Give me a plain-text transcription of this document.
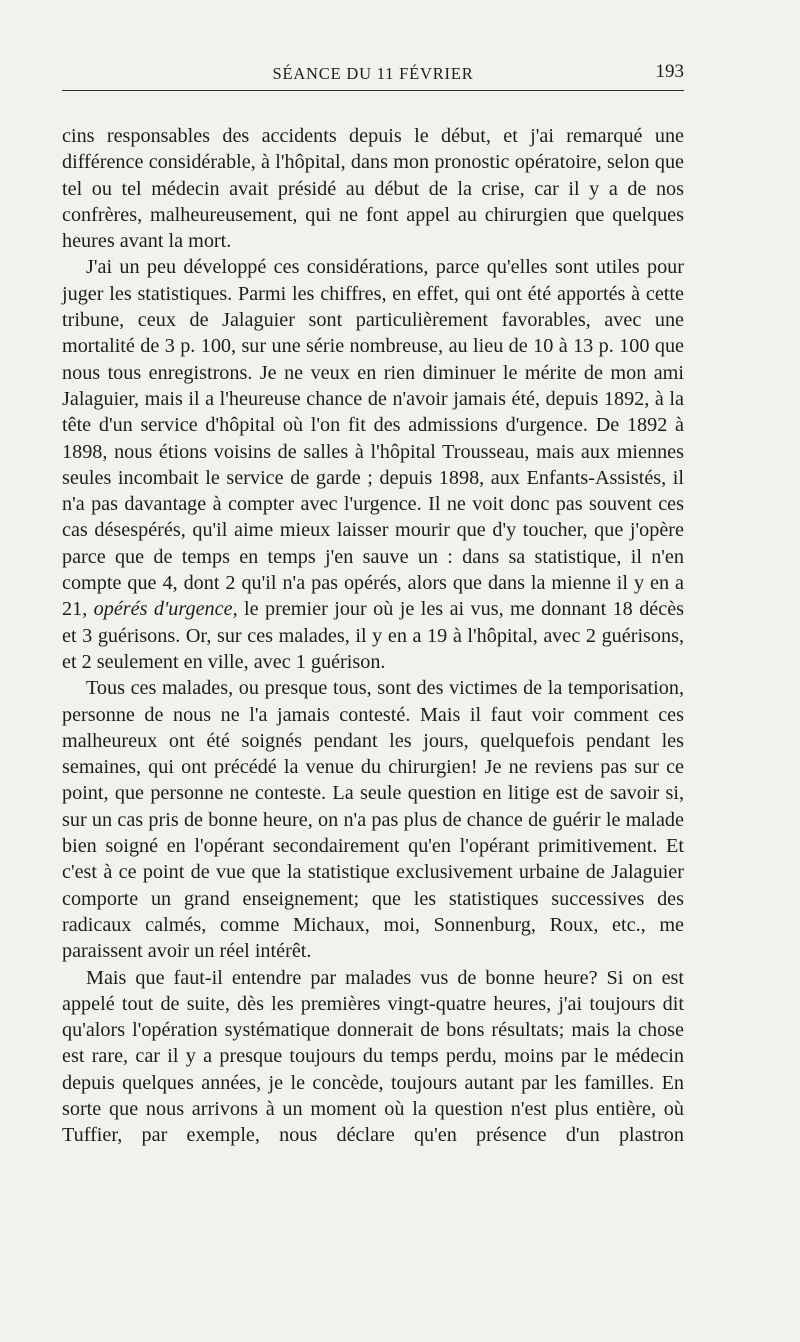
SÉANCE DU 11 FÉVRIER	193

cins responsables des accidents depuis le début, et j'ai remarqué une différence considérable, à l'hôpital, dans mon pronostic opératoire, selon que tel ou tel médecin avait présidé au début de la crise, car il y a de nos confrères, malheureusement, qui ne font appel au chirurgien que quelques heures avant la mort.

J'ai un peu développé ces considérations, parce qu'elles sont utiles pour juger les statistiques. Parmi les chiffres, en effet, qui ont été apportés à cette tribune, ceux de Jalaguier sont particulièrement favorables, avec une mortalité de 3 p. 100, sur une série nombreuse, au lieu de 10 à 13 p. 100 que nous tous enregistrons. Je ne veux en rien diminuer le mérite de mon ami Jalaguier, mais il a l'heureuse chance de n'avoir jamais été, depuis 1892, à la tête d'un service d'hôpital où l'on fit des admissions d'urgence. De 1892 à 1898, nous étions voisins de salles à l'hôpital Trousseau, mais aux miennes seules incombait le service de garde ; depuis 1898, aux Enfants-Assistés, il n'a pas davantage à compter avec l'urgence. Il ne voit donc pas souvent ces cas désespérés, qu'il aime mieux laisser mourir que d'y toucher, que j'opère parce que de temps en temps j'en sauve un : dans sa statistique, il n'en compte que 4, dont 2 qu'il n'a pas opérés, alors que dans la mienne il y en a 21, opérés d'urgence, le premier jour où je les ai vus, me donnant 18 décès et 3 guérisons. Or, sur ces malades, il y en a 19 à l'hôpital, avec 2 guérisons, et 2 seulement en ville, avec 1 guérison.

Tous ces malades, ou presque tous, sont des victimes de la temporisation, personne de nous ne l'a jamais contesté. Mais il faut voir comment ces malheureux ont été soignés pendant les jours, quelquefois pendant les semaines, qui ont précédé la venue du chirurgien! Je ne reviens pas sur ce point, que personne ne conteste. La seule question en litige est de savoir si, sur un cas pris de bonne heure, on n'a pas plus de chance de guérir le malade bien soigné en l'opérant secondairement qu'en l'opérant primitivement. Et c'est à ce point de vue que la statistique exclusivement urbaine de Jalaguier comporte un grand enseignement; que les statistiques successives des radicaux calmés, comme Michaux, moi, Sonnenburg, Roux, etc., me paraissent avoir un réel intérêt.

Mais que faut-il entendre par malades vus de bonne heure? Si on est appelé tout de suite, dès les premières vingt-quatre heures, j'ai toujours dit qu'alors l'opération systématique donnerait de bons résultats; mais la chose est rare, car il y a presque toujours du temps perdu, moins par le médecin depuis quelques années, je le concède, toujours autant par les familles. En sorte que nous arrivons à un moment où la question n'est plus entière, où Tuffier, par exemple, nous déclare qu'en présence d'un plastron
